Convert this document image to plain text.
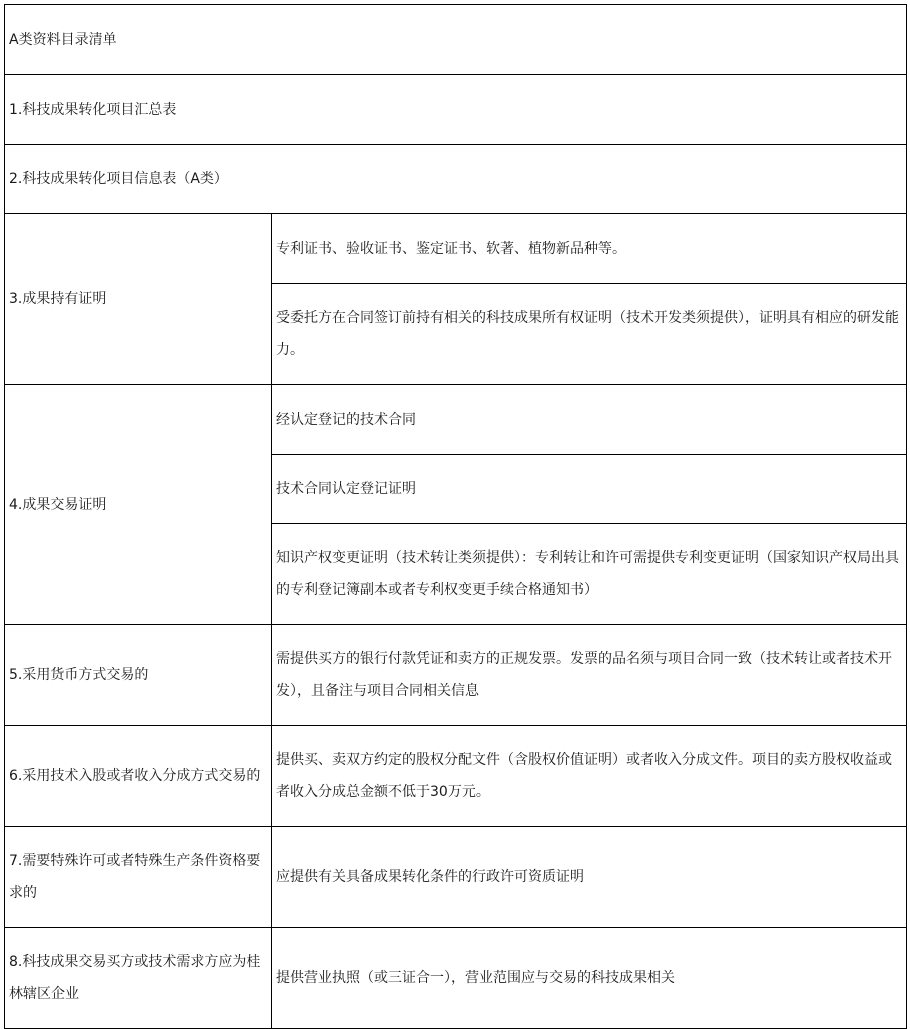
A类资料目录清单	
1.科技成果转化项目汇总表	
2.科技成果转化项目信息表（A类）	
3.成果持有证明	专利证书、验收证书、鉴定证书、软著、植物新品种等。
	受委托方在合同签订前持有相关的科技成果所有权证明（技术开发类须提供），证明具有相应的研发能力。
4.成果交易证明	经认定登记的技术合同
	技术合同认定登记证明
	知识产权变更证明（技术转让类须提供）：专利转让和许可需提供专利变更证明（国家知识产权局出具的专利登记簿副本或者专利权变更手续合格通知书）
5.采用货币方式交易的	需提供买方的银行付款凭证和卖方的正规发票。发票的品名须与项目合同一致（技术转让或者技术开发），且备注与项目合同相关信息
6.采用技术入股或者收入分成方式交易的	提供买、卖双方约定的股权分配文件（含股权价值证明）或者收入分成文件。项目的卖方股权收益或者收入分成总金额不低于30万元。
7.需要特殊许可或者特殊生产条件资格要求的	应提供有关具备成果转化条件的行政许可资质证明
8.科技成果交易买方或技术需求方应为桂林辖区企业	提供营业执照（或三证合一），营业范围应与交易的科技成果相关
